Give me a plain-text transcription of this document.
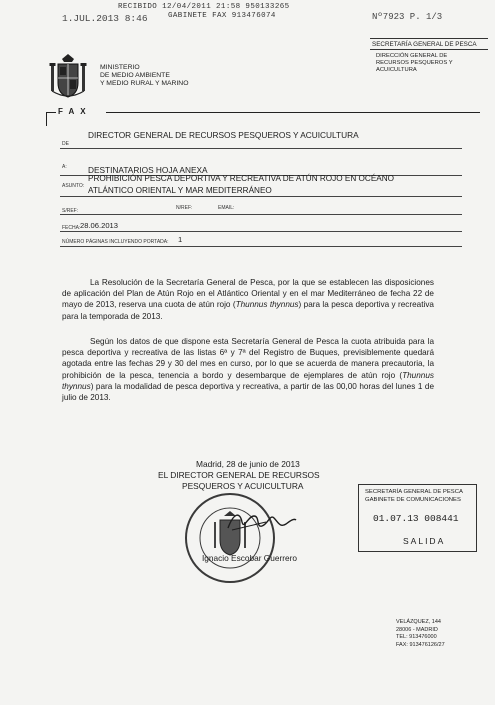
RECIBIDO 12/04/2011 21:58 950133265
GABINETE FAX 913476074
1.JUL.2013 8:46	Nº7923 P. 1/3
MINISTERIO
DE MEDIO AMBIENTE
Y MEDIO RURAL Y MARINO
SECRETARÍA GENERAL DE PESCA
DIRECCIÓN GENERAL DE
RECURSOS PESQUEROS Y
ACUICULTURA
FAX
DE
DIRECTOR GENERAL DE RECURSOS PESQUEROS Y ACUICULTURA
A:	DESTINATARIOS HOJA ANEXA
ASUNTO:
PROHIBICIÓN PESCA DEPORTIVA Y RECREATIVA DE ATÚN ROJO EN OCÉANO
ATLÁNTICO ORIENTAL Y MAR MEDITERRÁNEO
S/REF:	N/REF:	EMAIL:
FECHA: 28.06.2013
NÚMERO PÁGINAS INCLUYENDO PORTADA: 1

La Resolución de la Secretaría General de Pesca, por la que se establecen las disposiciones de aplicación del Plan de Atún Rojo en el Atlántico Oriental y en el mar Mediterráneo de fecha 22 de mayo de 2013, reserva una cuota de atún rojo (Thunnus thynnus) para la pesca deportiva y recreativa para la temporada de 2013.

Según los datos de que dispone esta Secretaría General de Pesca la cuota atribuida para la pesca deportiva y recreativa de las listas 6ª y 7ª del Registro de Buques, previsiblemente quedará agotada entre las fechas 29 y 30 del mes en curso, por lo que se acuerda de manera precautoria, la prohibición de la pesca, tenencia a bordo y desembarque de ejemplares de atún rojo (Thunnus thynnus) para la modalidad de pesca deportiva y recreativa, a partir de las 00,00 horas del lunes 1 de julio de 2013.

Madrid, 28 de junio de 2013
EL DIRECTOR GENERAL DE RECURSOS
PESQUEROS Y ACUICULTURA
Ignacio Escobar Guerrero
SECRETARÍA GENERAL DE PESCA
GABINETE DE COMUNICACIONES
01.07.13 008441
SALIDA
VELÁZQUEZ, 144
28006 - MADRID
TEL: 913476000
FAX: 913476126/27
